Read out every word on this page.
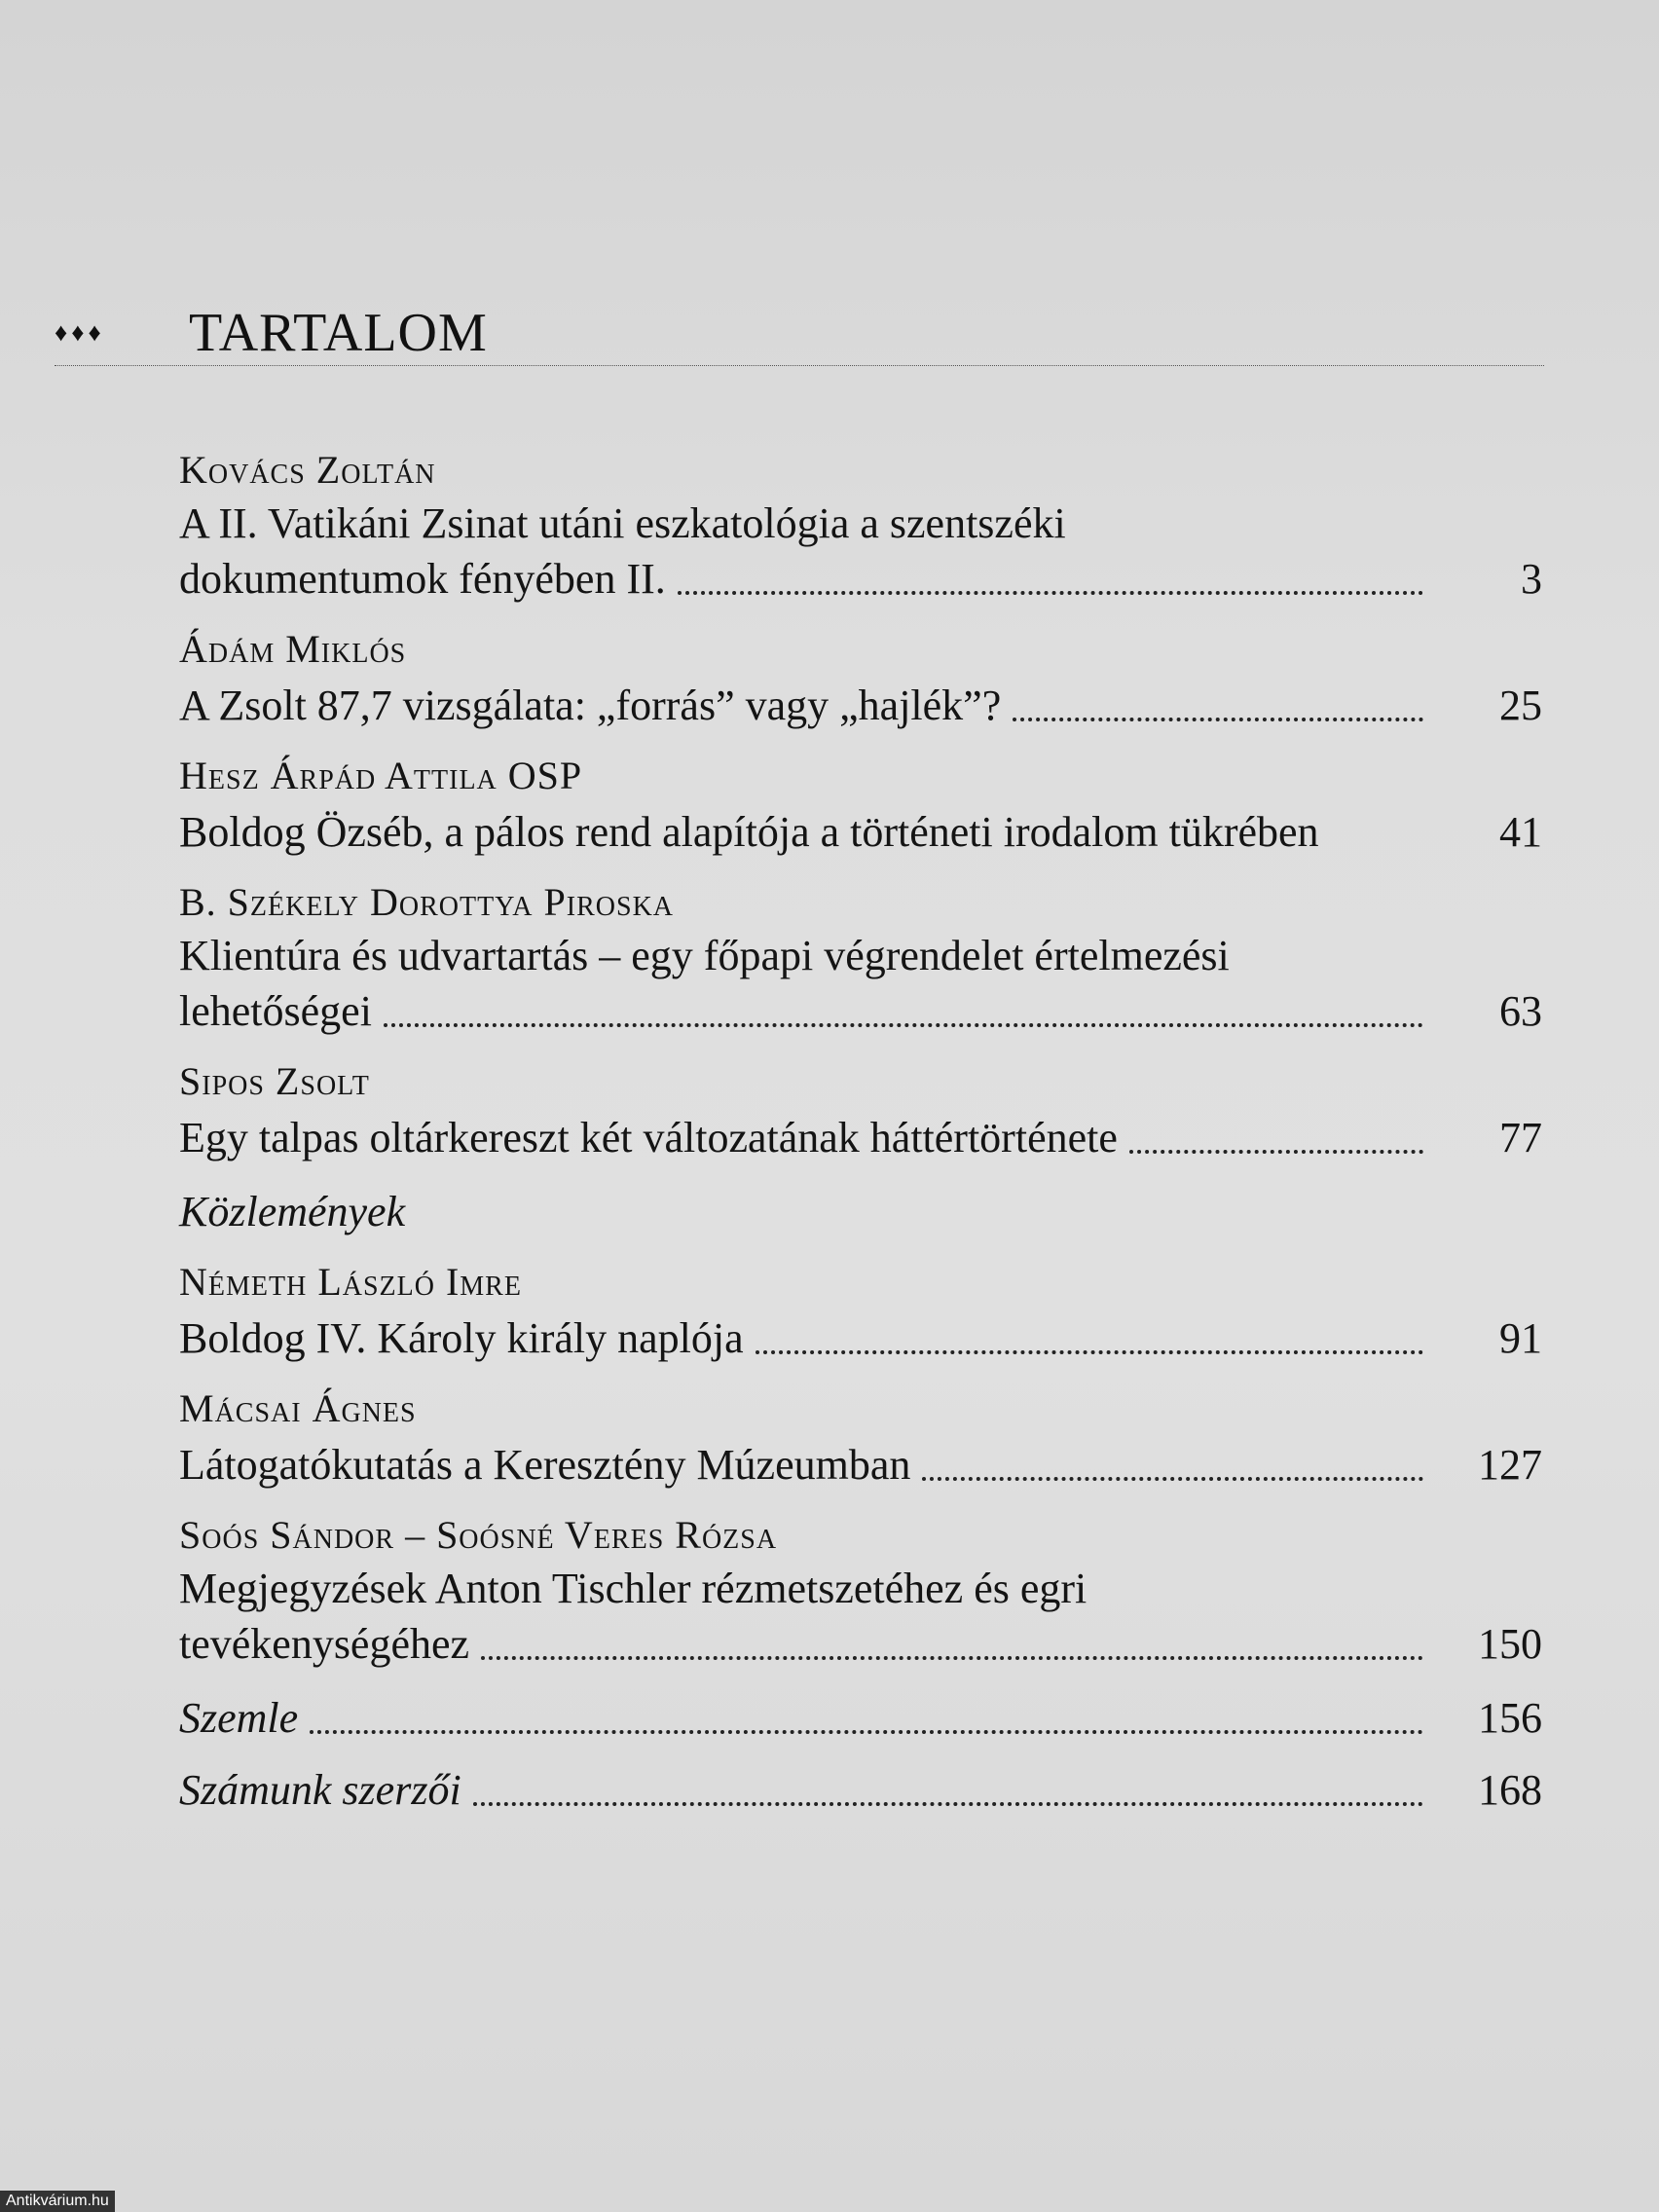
♦♦♦ TARTALOM
Kovács Zoltán
A II. Vatikáni Zsinat utáni eszkatológia a szentszéki
dokumentumok fényében II.	3
Ádám Miklós
A Zsolt 87,7 vizsgálata: „forrás” vagy „hajlék”?	25
Hesz Árpád Attila OSP
Boldog Özséb, a pálos rend alapítója a történeti irodalom tükrében	41
B. Székely Dorottya Piroska
Klientúra és udvartartás – egy főpapi végrendelet értelmezési
lehetőségei	63
Sipos Zsolt
Egy talpas oltárkereszt két változatának háttértörténete	77
Közlemények
Németh László Imre
Boldog IV. Károly király naplója	91
Mácsai Ágnes
Látogatókutatás a Keresztény Múzeumban	127
Soós Sándor – Soósné Veres Rózsa
Megjegyzések Anton Tischler rézmetszetéhez és egri
tevékenységéhez	150
Szemle	156
Számunk szerzői	168
Antikvárium.hu
